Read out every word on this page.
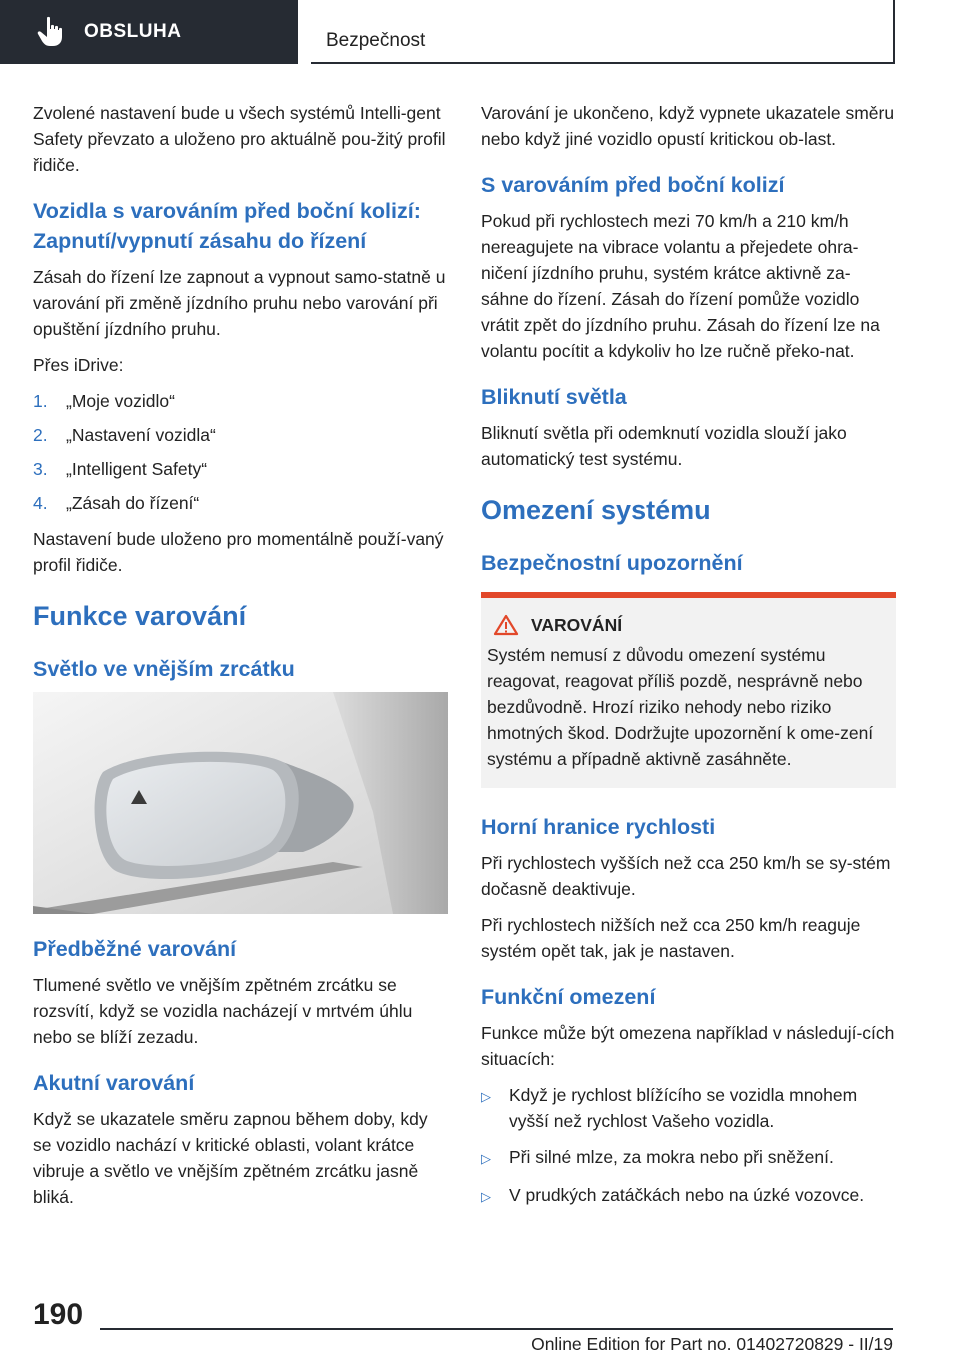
OBSLUHA	Bezpečnost

Zvolené nastavení bude u všech systémů Intelli-gent Safety převzato a uloženo pro aktuálně pou-žitý profil řidiče.

Vozidla s varováním před boční kolizí: Zapnutí/vypnutí zásahu do řízení

Zásah do řízení lze zapnout a vypnout samo-statně u varování při změně jízdního pruhu nebo varování při opuštění jízdního pruhu.

Přes iDrive:

1.	„Moje vozidlo“
2.	„Nastavení vozidla“
3.	„Intelligent Safety“
4.	„Zásah do řízení“

Nastavení bude uloženo pro momentálně použí-vaný profil řidiče.

Funkce varování
Světlo ve vnějším zrcátku
Předběžné varování

Tlumené světlo ve vnějším zpětném zrcátku se rozsvítí, když se vozidla nacházejí v mrtvém úhlu nebo se blíží zezadu.

Akutní varování

Když se ukazatele směru zapnou během doby, kdy se vozidlo nachází v kritické oblasti, volant krátce vibruje a světlo ve vnějším zpětném zrcátku jasně bliká.

Varování je ukončeno, když vypnete ukazatele směru nebo když jiné vozidlo opustí kritickou ob-last.

S varováním před boční kolizí

Pokud při rychlostech mezi 70 km/h a 210 km/h nereagujete na vibrace volantu a přejedete ohra-ničení jízdního pruhu, systém krátce aktivně za-sáhne do řízení. Zásah do řízení pomůže vozidlo vrátit zpět do jízdního pruhu. Zásah do řízení lze na volantu pocítit a kdykoliv ho lze ručně překo-nat.

Bliknutí světla

Bliknutí světla při odemknutí vozidla slouží jako automatický test systému.

Omezení systému
Bezpečnostní upozornění
VAROVÁNÍ

Systém nemusí z důvodu omezení systému reagovat, reagovat příliš pozdě, nesprávně nebo bezdůvodně. Hrozí riziko nehody nebo riziko hmotných škod. Dodržujte upozornění k ome-zení systému a případně aktivně zasáhněte.

Horní hranice rychlosti

Při rychlostech vyšších než cca 250 km/h se sy-stém dočasně deaktivuje.

Při rychlostech nižších než cca 250 km/h reaguje systém opět tak, jak je nastaven.

Funkční omezení

Funkce může být omezena například v následují-cích situacích:

▷	Když je rychlost blížícího se vozidla mnohem vyšší než rychlost Vašeho vozidla.
▷	Při silné mlze, za mokra nebo při sněžení.
▷	V prudkých zatáčkách nebo na úzké vozovce.
190
Online Edition for Part no. 01402720829 - II/19
